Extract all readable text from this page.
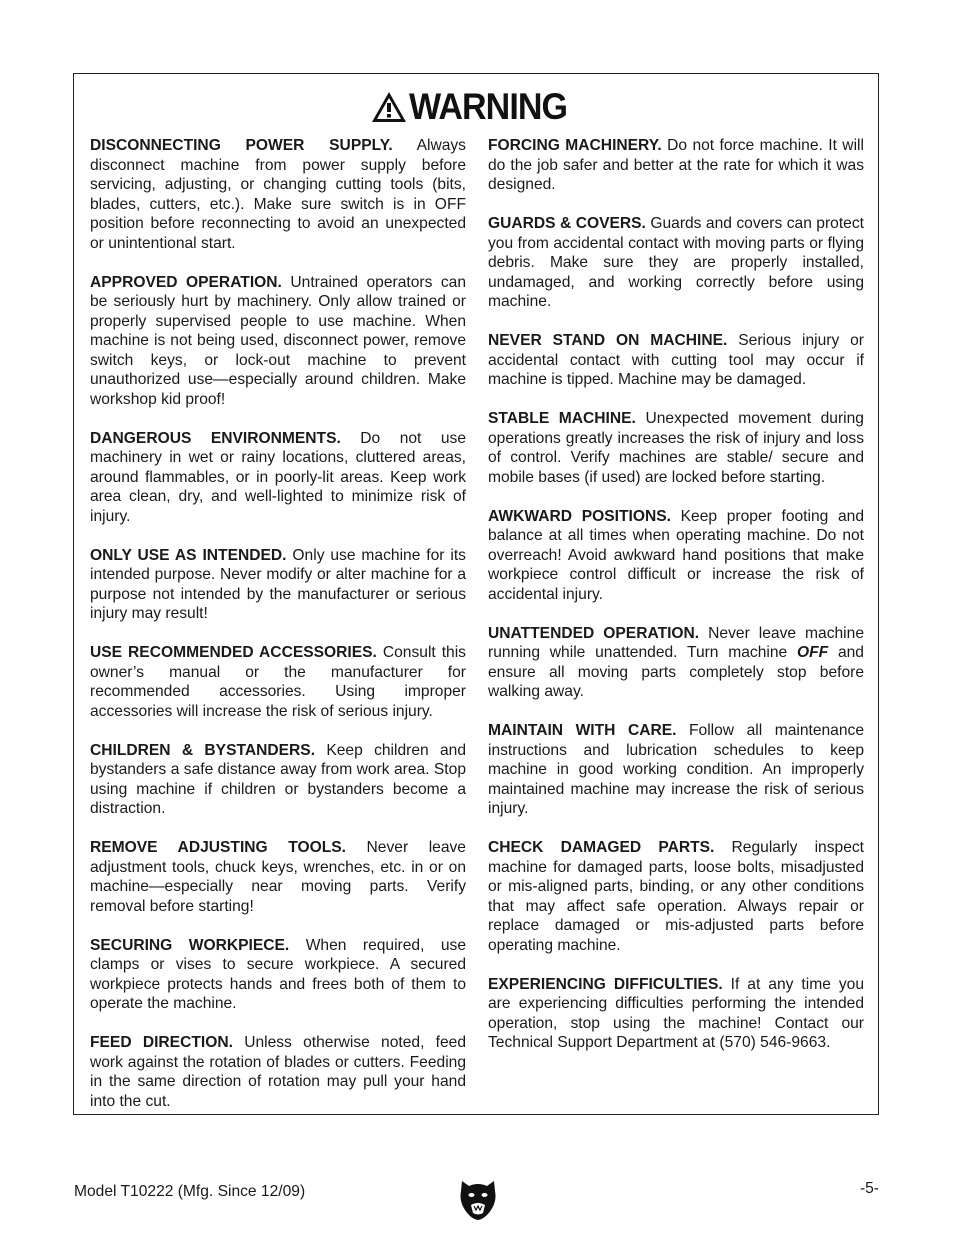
WARNING

DISCONNECTING POWER SUPPLY. Always disconnect machine from power supply before servicing, adjusting, or changing cutting tools (bits, blades, cutters, etc.). Make sure switch is in OFF position before reconnecting to avoid an unexpected or unintentional start.

APPROVED OPERATION. Untrained operators can be seriously hurt by machinery. Only allow trained or properly supervised people to use machine. When machine is not being used, disconnect power, remove switch keys, or lock-out machine to prevent unauthorized use—especially around children. Make workshop kid proof!

DANGEROUS ENVIRONMENTS. Do not use machinery in wet or rainy locations, cluttered areas, around flammables, or in poorly-lit areas. Keep work area clean, dry, and well-lighted to minimize risk of injury.

ONLY USE AS INTENDED. Only use machine for its intended purpose. Never modify or alter machine for a purpose not intended by the manufacturer or serious injury may result!

USE RECOMMENDED ACCESSORIES. Consult this owner’s manual or the manufacturer for recommended accessories. Using improper accessories will increase the risk of serious injury.

CHILDREN & BYSTANDERS. Keep children and bystanders a safe distance away from work area. Stop using machine if children or bystanders become a distraction.

REMOVE ADJUSTING TOOLS. Never leave adjustment tools, chuck keys, wrenches, etc. in or on machine—especially near moving parts. Verify removal before starting!

SECURING WORKPIECE. When required, use clamps or vises to secure workpiece. A secured workpiece protects hands and frees both of them to operate the machine.

FEED DIRECTION. Unless otherwise noted, feed work against the rotation of blades or cutters. Feeding in the same direction of rotation may pull your hand into the cut.

FORCING MACHINERY. Do not force machine. It will do the job safer and better at the rate for which it was designed.

GUARDS & COVERS. Guards and covers can protect you from accidental contact with moving parts or flying debris. Make sure they are properly installed, undamaged, and working correctly before using machine.

NEVER STAND ON MACHINE. Serious injury or accidental contact with cutting tool may occur if machine is tipped. Machine may be damaged.

STABLE MACHINE. Unexpected movement during operations greatly increases the risk of injury and loss of control. Verify machines are stable/ secure and mobile bases (if used) are locked before starting.

AWKWARD POSITIONS. Keep proper footing and balance at all times when operating machine. Do not overreach! Avoid awkward hand positions that make workpiece control difficult or increase the risk of accidental injury.

UNATTENDED OPERATION. Never leave machine running while unattended. Turn machine OFF and ensure all moving parts completely stop before walking away.

MAINTAIN WITH CARE. Follow all maintenance instructions and lubrication schedules to keep machine in good working condition. An improperly maintained machine may increase the risk of serious injury.

CHECK DAMAGED PARTS. Regularly inspect machine for damaged parts, loose bolts, misadjusted or mis-aligned parts, binding, or any other conditions that may affect safe operation. Always repair or replace damaged or mis-adjusted parts before operating machine.

EXPERIENCING DIFFICULTIES. If at any time you are experiencing difficulties performing the intended operation, stop using the machine! Contact our Technical Support Department at (570) 546-9663.

Model T10222 (Mfg. Since 12/09)	-5-
